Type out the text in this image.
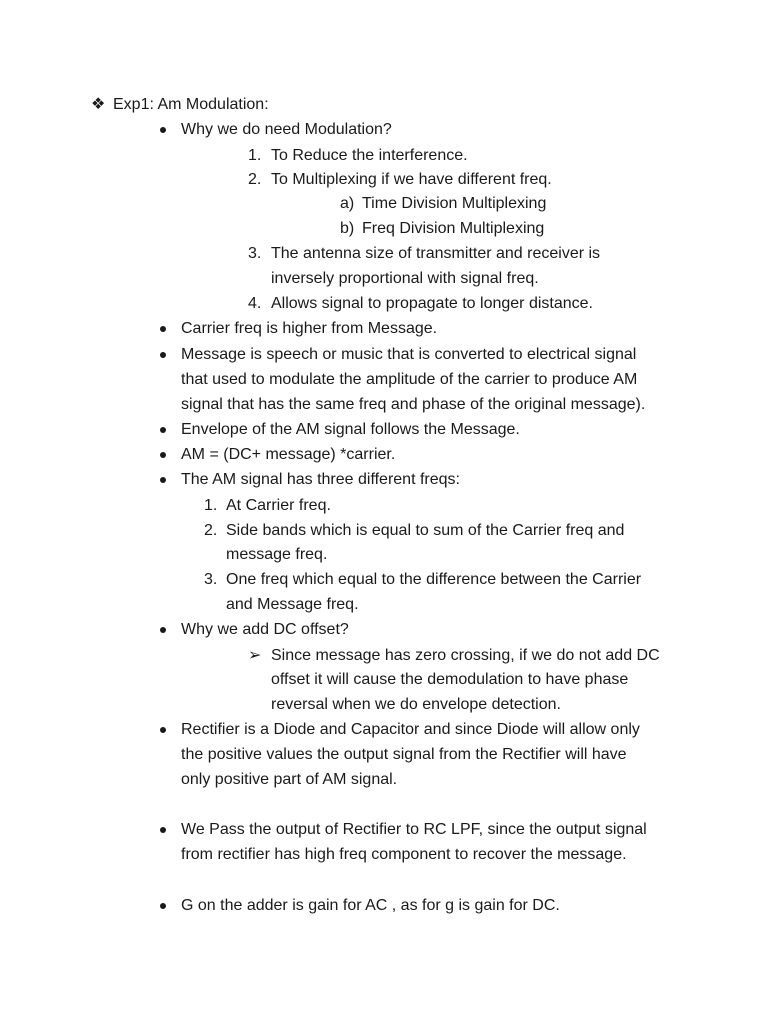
❖ Exp1: Am Modulation:
Why we do need Modulation?
1. To Reduce the interference.
2. To Multiplexing if we have different freq.
a) Time Division Multiplexing
b) Freq Division Multiplexing
3. The antenna size of transmitter and receiver is
inversely proportional with signal freq.
4. Allows signal to propagate to longer distance.
Carrier freq is higher from Message.
Message is speech or music that is converted to electrical signal
that used to modulate the amplitude of the carrier to produce AM
signal that has the same freq and phase of the original message).
Envelope of the AM signal follows the Message.
AM = (DC+ message) *carrier.
The AM signal has three different freqs:
1. At Carrier freq.
2. Side bands which is equal to sum of the Carrier freq and
message freq.
3. One freq which equal to the difference between the Carrier
and Message freq.
Why we add DC offset?
➢ Since message has zero crossing, if we do not add DC
offset it will cause the demodulation to have phase
reversal when we do envelope detection.
Rectifier is a Diode and Capacitor and since Diode will allow only
the positive values the output signal from the Rectifier will have
only positive part of AM signal.
We Pass the output of Rectifier to RC LPF, since the output signal
from rectifier has high freq component to recover the message.
G on the adder is gain for AC , as for g is gain for DC.
